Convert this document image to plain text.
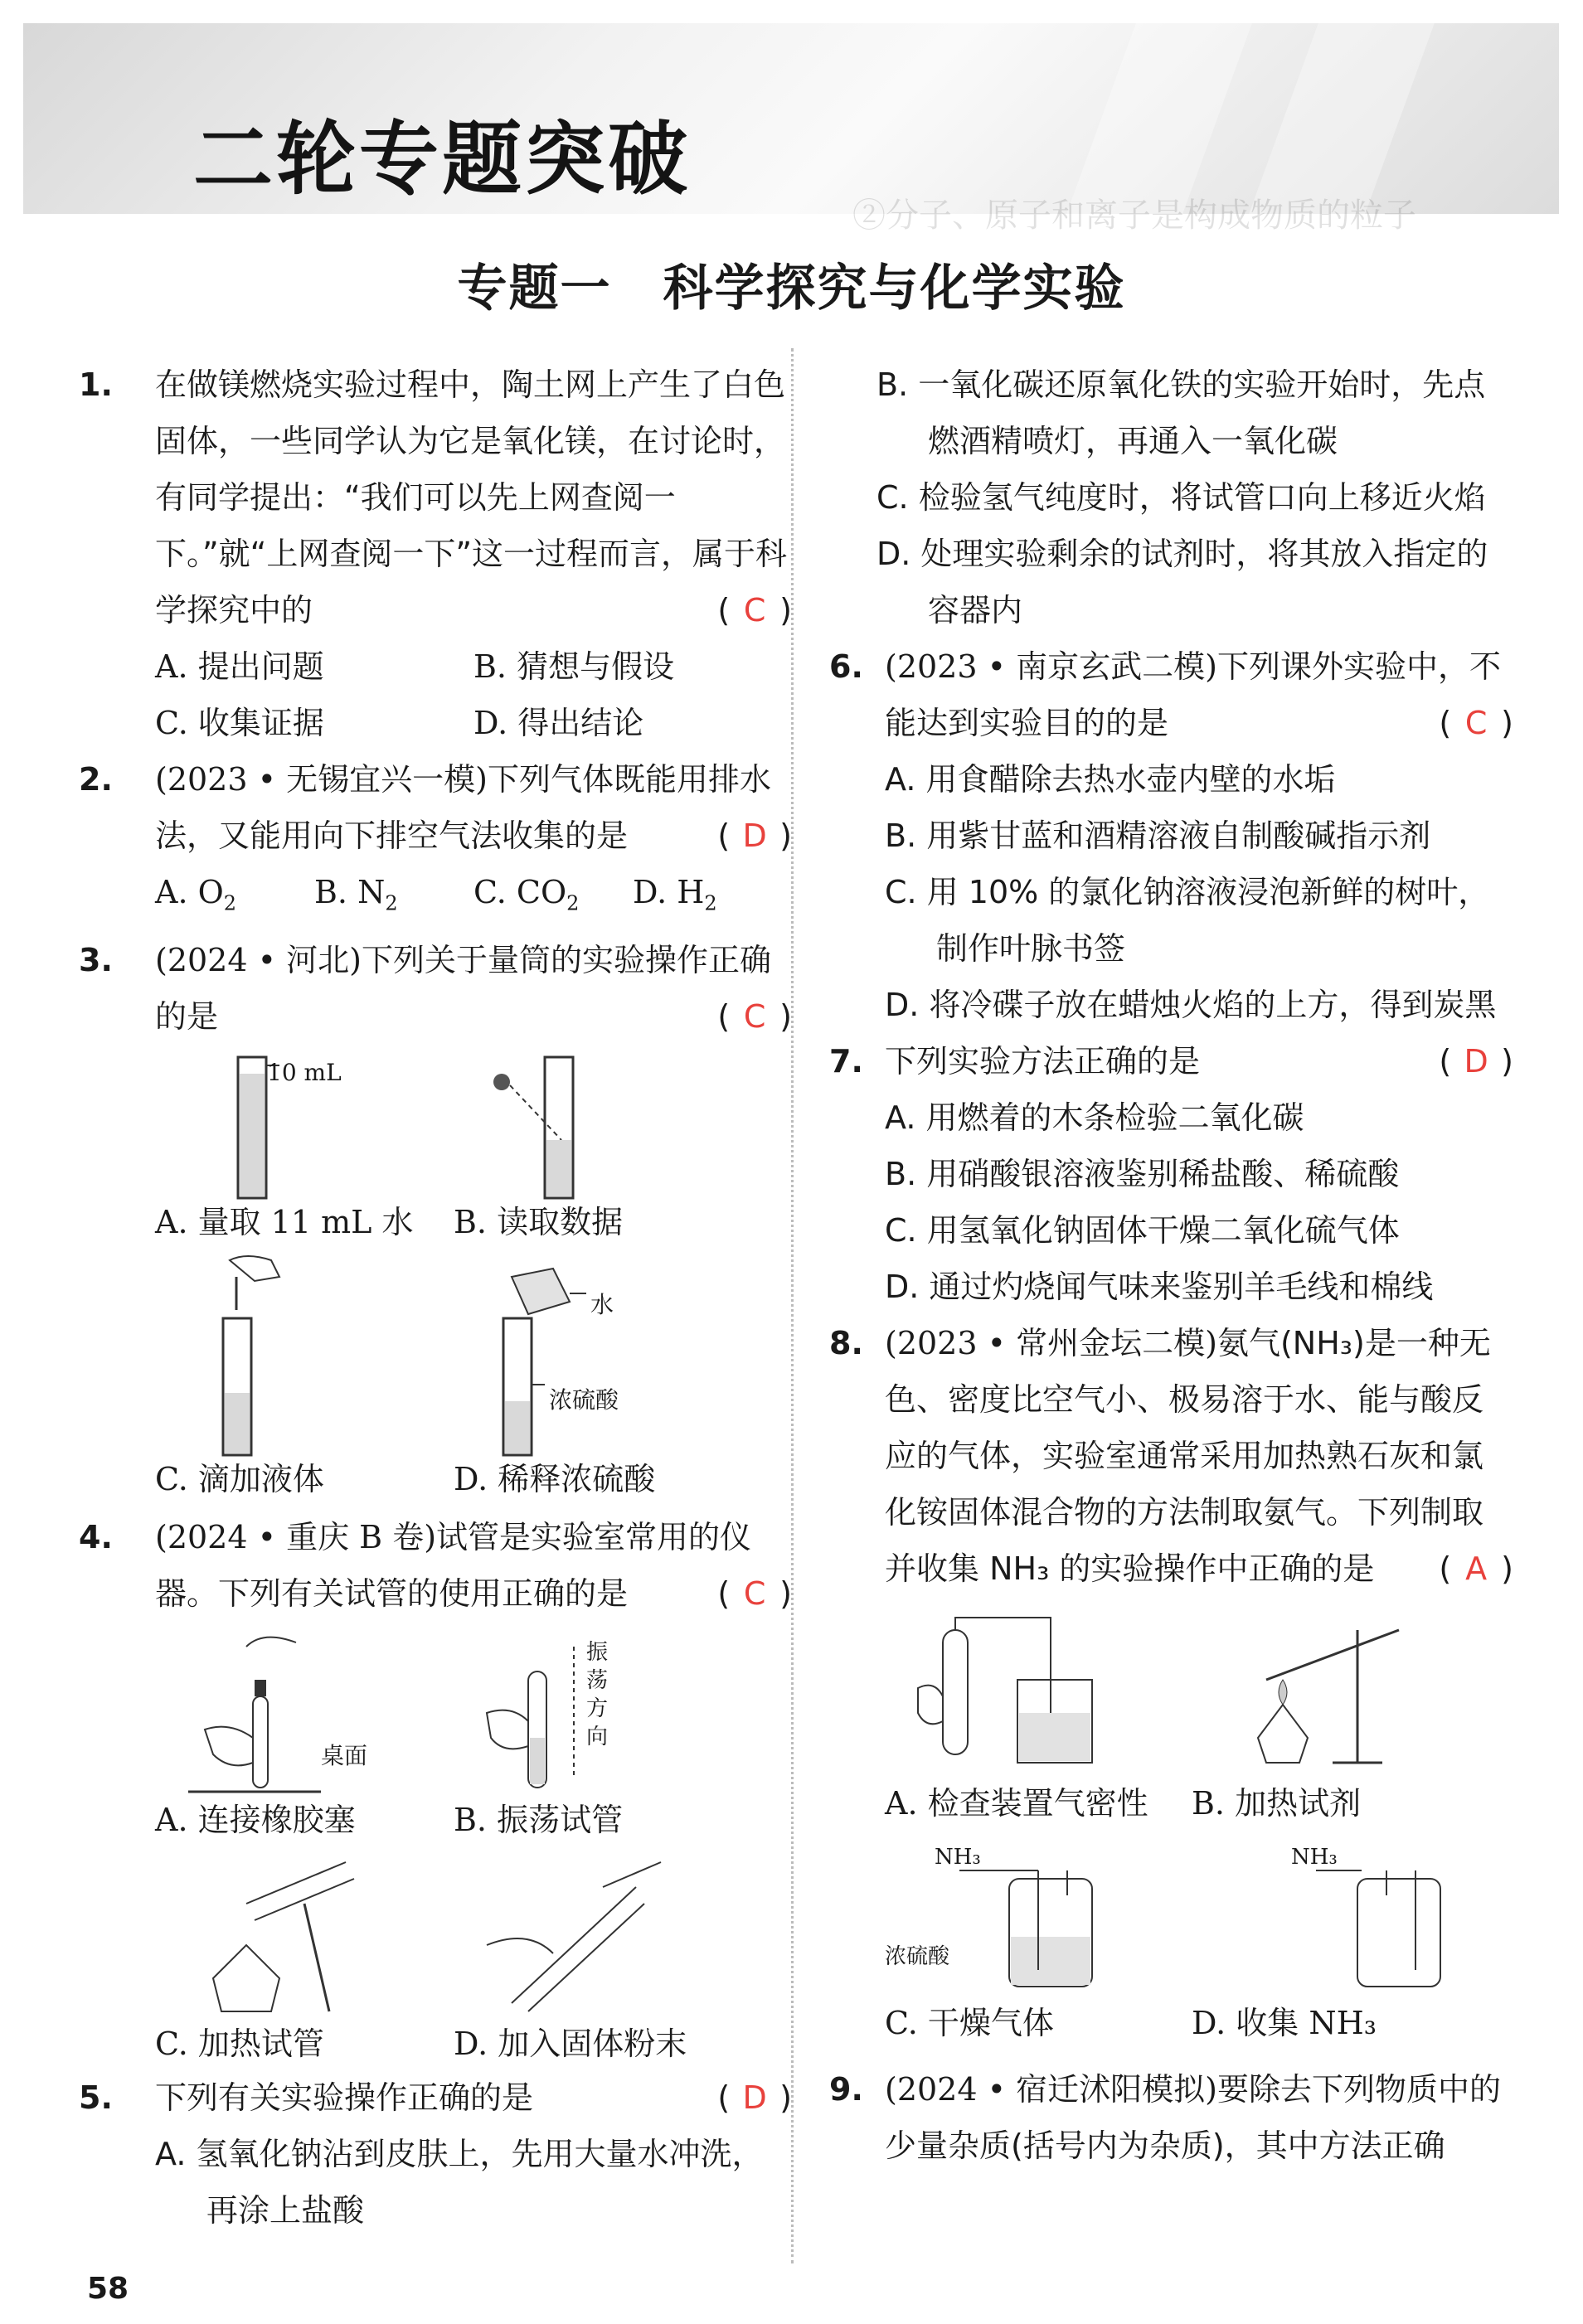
②分子、原子和离子是构成物质的粒子
二轮专题突破
专题一　科学探究与化学实验
1. 在做镁燃烧实验过程中，陶土网上产生了白色固体，一些同学认为它是氧化镁，在讨论时，有同学提出：“我们可以先上网查阅一下。”就“上网查阅一下”这一过程而言，属于科学探究中的	( C )
A. 提出问题	B. 猜想与假设
C. 收集证据	D. 得出结论
2. (2023 • 无锡宜兴一模)下列气体既能用排水法，又能用向下排空气法收集的是	( D )
A. $O_2$	B. $N_2$	C. $CO_2$	D. $H_2$
3. (2024 • 河北)下列关于量筒的实验操作正确的是	( C )
10 mL
A. 量取 11 mL 水 B. 读取数据
水
浓硫酸
C. 滴加液体	D. 稀释浓硫酸
4. (2024 • 重庆 B 卷)试管是实验室常用的仪器。下列有关试管的使用正确的是	( C )
桌面
振
荡
方
向
A. 连接橡胶塞	B. 振荡试管
C. 加热试管	D. 加入固体粉末
5. 下列有关实验操作正确的是	( D )
A. 氢氧化钠沾到皮肤上，先用大量水冲洗，再涂上盐酸
B. 一氧化碳还原氧化铁的实验开始时，先点燃酒精喷灯，再通入一氧化碳
C. 检验氢气纯度时，将试管口向上移近火焰
D. 处理实验剩余的试剂时，将其放入指定的容器内
6. (2023 • 南京玄武二模)下列课外实验中，不能达到实验目的的是	( C )
A. 用食醋除去热水壶内壁的水垢
B. 用紫甘蓝和酒精溶液自制酸碱指示剂
C. 用 10% 的氯化钠溶液浸泡新鲜的树叶，制作叶脉书签
D. 将冷碟子放在蜡烛火焰的上方，得到炭黑
7. 下列实验方法正确的是	( D )
A. 用燃着的木条检验二氧化碳
B. 用硝酸银溶液鉴别稀盐酸、稀硫酸
C. 用氢氧化钠固体干燥二氧化硫气体
D. 通过灼烧闻气味来鉴别羊毛线和棉线
8. (2023 • 常州金坛二模)氨气(NH₃)是一种无色、密度比空气小、极易溶于水、能与酸反应的气体，实验室通常采用加热熟石灰和氯化铵固体混合物的方法制取氨气。下列制取并收集 NH₃ 的实验操作中正确的是	( A )
A. 检查装置气密性 B. 加热试剂
NH₃	NH₃
浓硫酸
C. 干燥气体	D. 收集 NH₃
9. (2024 • 宿迁沭阳模拟)要除去下列物质中的少量杂质(括号内为杂质)，其中方法正确
58
